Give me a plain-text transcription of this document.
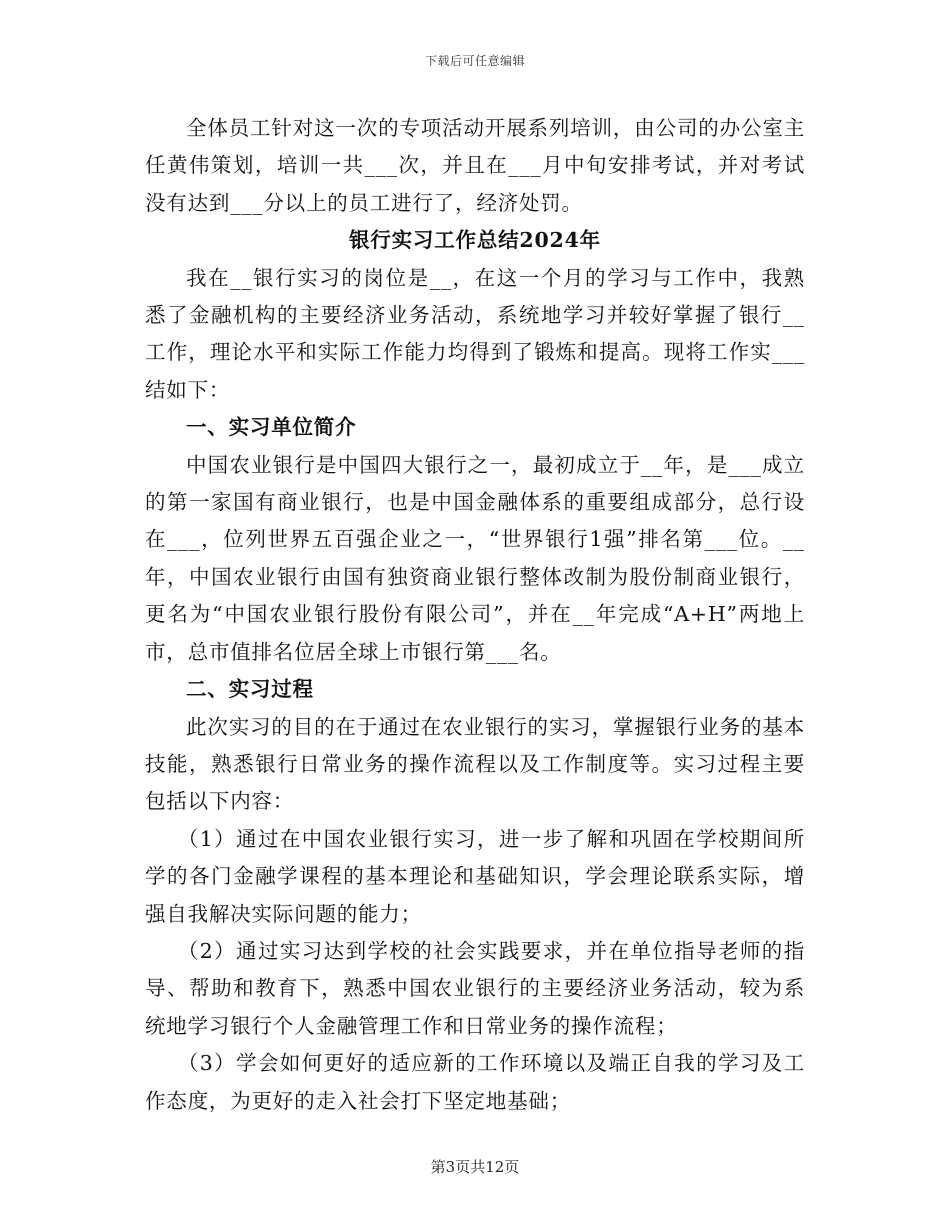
下载后可任意编辑

全体员工针对这一次的专项活动开展系列培训，由公司的办公室主任黄伟策划，培训一共___次，并且在___月中旬安排考试，并对考试没有达到___分以上的员工进行了，经济处罚。

银行实习工作总结2024年

我在__银行实习的岗位是__，在这一个月的学习与工作中，我熟悉了金融机构的主要经济业务活动，系统地学习并较好掌握了银行__工作，理论水平和实际工作能力均得到了锻炼和提高。现将工作实___结如下：

一、实习单位简介

中国农业银行是中国四大银行之一，最初成立于__年，是___成立的第一家国有商业银行，也是中国金融体系的重要组成部分，总行设在___，位列世界五百强企业之一，“世界银行1强”排名第___位。__年，中国农业银行由国有独资商业银行整体改制为股份制商业银行，更名为“中国农业银行股份有限公司”，并在__年完成“A+H”两地上市，总市值排名位居全球上市银行第___名。

二、实习过程

此次实习的目的在于通过在农业银行的实习，掌握银行业务的基本技能，熟悉银行日常业务的操作流程以及工作制度等。实习过程主要包括以下内容：

（1）通过在中国农业银行实习，进一步了解和巩固在学校期间所学的各门金融学课程的基本理论和基础知识，学会理论联系实际，增强自我解决实际问题的能力；

（2）通过实习达到学校的社会实践要求，并在单位指导老师的指导、帮助和教育下，熟悉中国农业银行的主要经济业务活动，较为系统地学习银行个人金融管理工作和日常业务的操作流程；

（3）学会如何更好的适应新的工作环境以及端正自我的学习及工作态度，为更好的走入社会打下坚定地基础；

第3页共12页
